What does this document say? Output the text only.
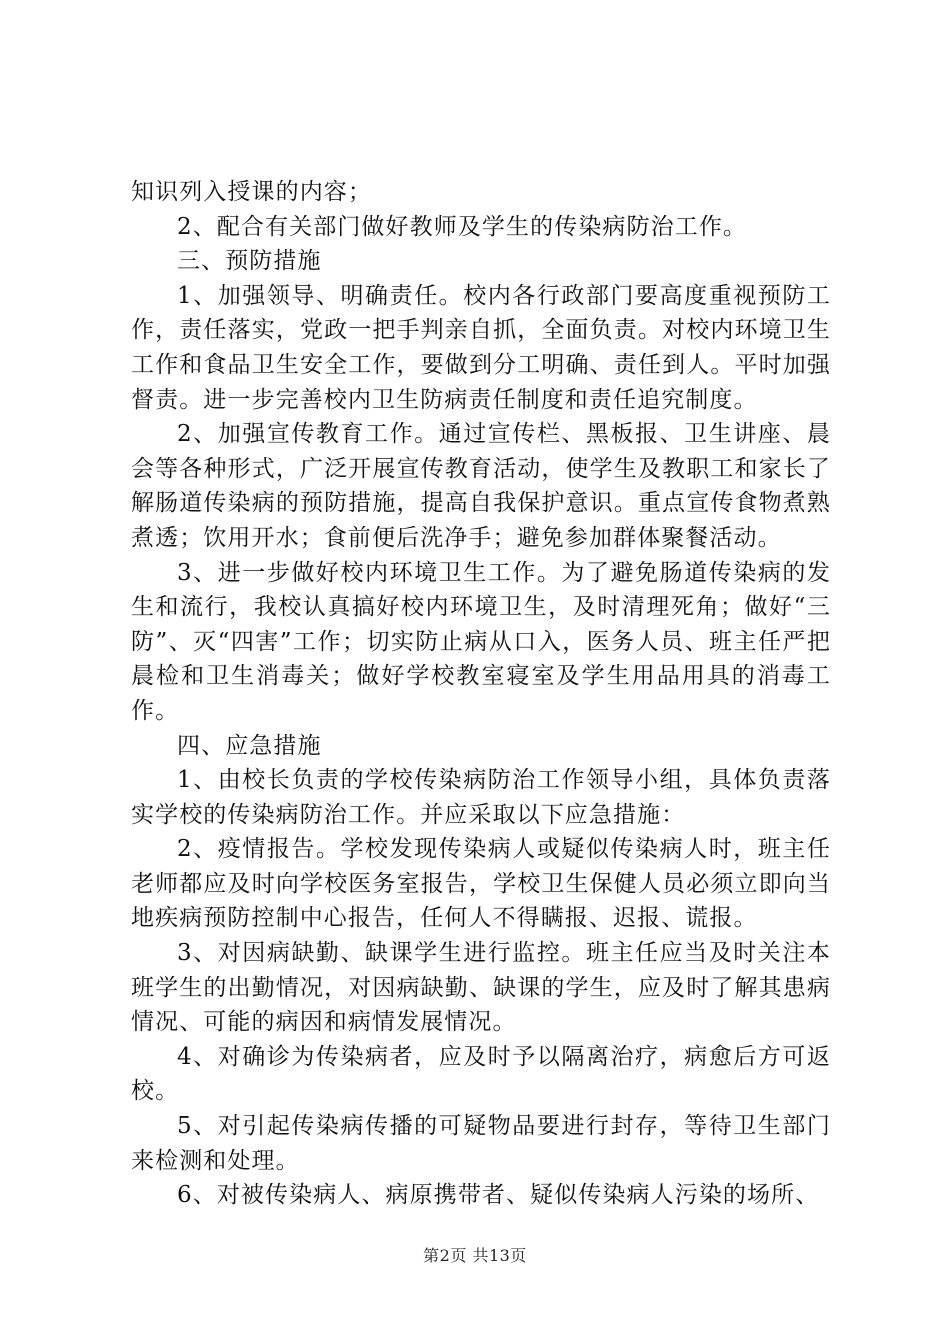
知识列入授课的内容；

2、配合有关部门做好教师及学生的传染病防治工作。

三、预防措施

1、加强领导、明确责任。校内各行政部门要高度重视预防工作，责任落实，党政一把手判亲自抓，全面负责。对校内环境卫生工作和食品卫生安全工作，要做到分工明确、责任到人。平时加强督责。进一步完善校内卫生防病责任制度和责任追究制度。

2、加强宣传教育工作。通过宣传栏、黑板报、卫生讲座、晨会等各种形式，广泛开展宣传教育活动，使学生及教职工和家长了解肠道传染病的预防措施，提高自我保护意识。重点宣传食物煮熟煮透；饮用开水；食前便后洗净手；避免参加群体聚餐活动。

3、进一步做好校内环境卫生工作。为了避免肠道传染病的发生和流行，我校认真搞好校内环境卫生，及时清理死角；做好“三防”、灭“四害”工作；切实防止病从口入，医务人员、班主任严把晨检和卫生消毒关；做好学校教室寝室及学生用品用具的消毒工作。

四、应急措施

1、由校长负责的学校传染病防治工作领导小组，具体负责落实学校的传染病防治工作。并应采取以下应急措施：

2、疫情报告。学校发现传染病人或疑似传染病人时，班主任老师都应及时向学校医务室报告，学校卫生保健人员必须立即向当地疾病预防控制中心报告，任何人不得瞒报、迟报、谎报。

3、对因病缺勤、缺课学生进行监控。班主任应当及时关注本班学生的出勤情况，对因病缺勤、缺课的学生，应及时了解其患病情况、可能的病因和病情发展情况。

4、对确诊为传染病者，应及时予以隔离治疗，病愈后方可返校。

5、对引起传染病传播的可疑物品要进行封存，等待卫生部门来检测和处理。

6、对被传染病人、病原携带者、疑似传染病人污染的场所、

第2页 共13页
